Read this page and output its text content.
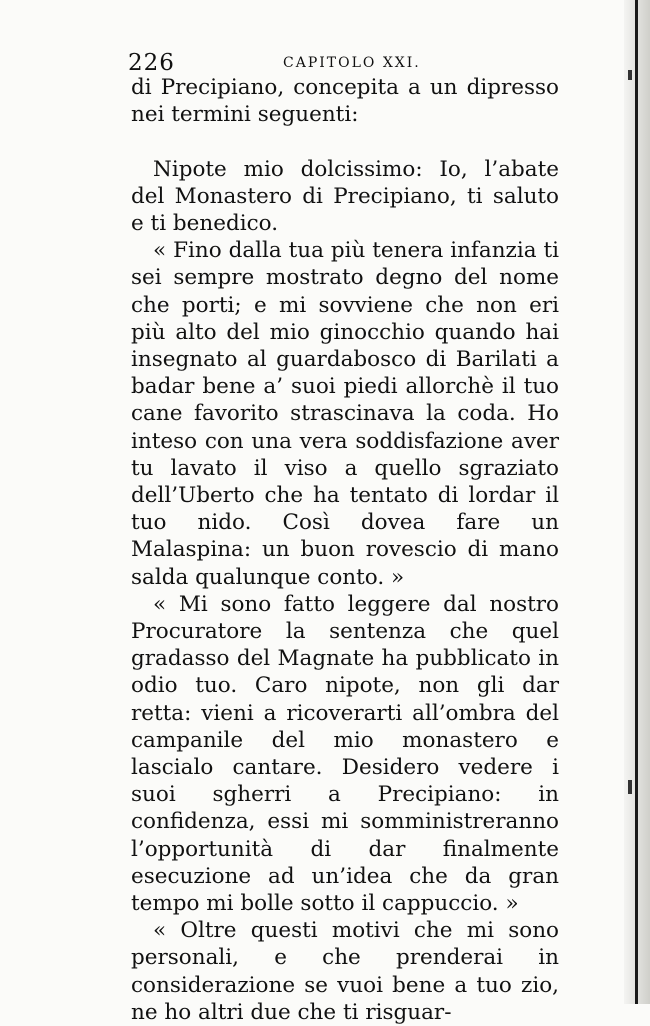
226	CAPITOLO XXI.

di Precipiano, concepita a un dipresso nei termini seguenti:

Nipote mio dolcissimo: Io, l’abate del Monastero di Precipiano, ti saluto e ti benedico.

« Fino dalla tua più tenera infanzia ti sei sempre mostrato degno del nome che porti; e mi sovviene che non eri più alto del mio ginocchio quando hai insegnato al guardabosco di Barilati a badar bene a’ suoi piedi allorchè il tuo cane favorito strascinava la coda. Ho inteso con una vera soddisfazione aver tu lavato il viso a quello sgraziato dell’Uberto che ha tentato di lordar il tuo nido. Così dovea fare un Malaspina: un buon rovescio di mano salda qualunque conto. »

« Mi sono fatto leggere dal nostro Procuratore la sentenza che quel gradasso del Magnate ha pubblicato in odio tuo. Caro nipote, non gli dar retta: vieni a ricoverarti all’ombra del campanile del mio monastero e lascialo cantare. Desidero vedere i suoi sgherri a Precipiano: in confidenza, essi mi somministreranno l’opportunità di dar finalmente esecuzione ad un’idea che da gran tempo mi bolle sotto il cappuccio. »

« Oltre questi motivi che mi sono personali, e che prenderai in considerazione se vuoi bene a tuo zio, ne ho altri due che ti risguar-
